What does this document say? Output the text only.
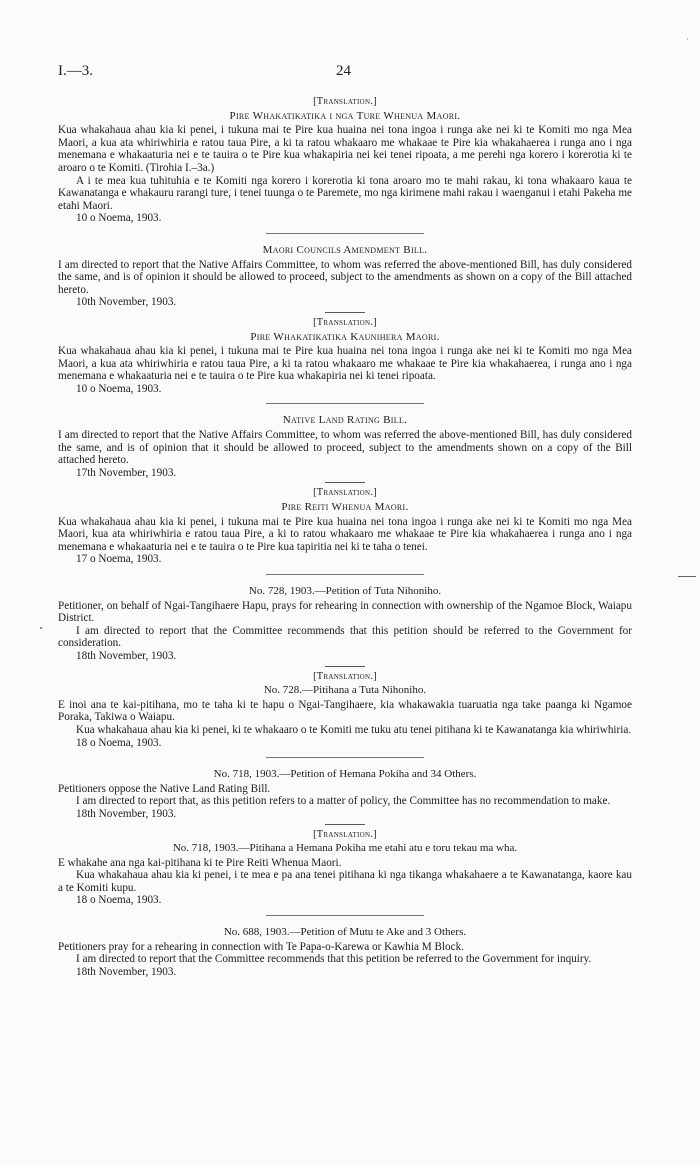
`
I.—3.	24
[Translation.]
Pire Whakatikatika i nga Ture Whenua Maori.

Kua whakahaua ahau kia ki penei, i tukuna mai te Pire kua huaina nei tona ingoa i runga ake nei ki te Komiti mo nga Mea Maori, a kua ata whiriwhiria e ratou taua Pire, a ki ta ratou whakaaro me whakaae te Pire kia whakahaerea i runga ano i nga menemana e whakaaturia nei e te tauira o te Pire kua whakapiria nei kei tenei ripoata, a me perehi nga korero i korerotia ki te aroaro o te Komiti. (Tirohia I.–3a.)

A i te mea kua tuhituhia e te Komiti nga korero i korerotia ki tona aroaro mo te mahi rakau, ki tona whakaaro kaua te Kawanatanga e whakauru rarangi ture, i tenei tuunga o te Paremete, mo nga kirimene mahi rakau i waenganui i etahi Pakeha me etahi Maori.

10 o Noema, 1903.

Maori Councils Amendment Bill.

I am directed to report that the Native Affairs Committee, to whom was referred the above-mentioned Bill, has duly considered the same, and is of opinion it should be allowed to proceed, subject to the amendments as shown on a copy of the Bill attached hereto.

10th November, 1903.

[Translation.]
Pire Whakatikatika Kaunihera Maori.

Kua whakahaua ahau kia ki penei, i tukuna mai te Pire kua huaina nei tona ingoa i runga ake nei ki te Komiti mo nga Mea Maori, a kua ata whiriwhiria e ratou taua Pire, a ki ta ratou whakaaro me whakaae te Pire kia whakahaerea, i runga ano i nga menemana e whakaaturia nei e te tauira o te Pire kua whakapiria nei ki tenei ripoata.

10 o Noema, 1903.

Native Land Rating Bill.

I am directed to report that the Native Affairs Committee, to whom was referred the above-mentioned Bill, has duly considered the same, and is of opinion that it should be allowed to proceed, subject to the amendments shown on a copy of the Bill attached hereto.

17th November, 1903.

[Translation.]
Pire Reiti Whenua Maori.

Kua whakahaua ahau kia ki penei, i tukuna mai te Pire kua huaina nei tona ingoa i runga ake nei ki te Komiti mo nga Mea Maori, kua ata whiriwhiria e ratou taua Pire, a ki to ratou whakaaro me whakaae te Pire kia whakahaerea i runga ano i nga menemana e whakaaturia nei e te tauira o te Pire kua tapiritia nei ki te taha o tenei.

17 o Noema, 1903.

No. 728, 1903.—Petition of Tuta Nihoniho.

Petitioner, on behalf of Ngai-Tangihaere Hapu, prays for rehearing in connection with ownership of the Ngamoe Block, Waiapu District.

I am directed to report that the Committee recommends that this petition should be referred to the Government for consideration.

18th November, 1903.

[Translation.]
No. 728.—Pitihana a Tuta Nihoniho.

E inoi ana te kai-pitihana, mo te taha ki te hapu o Ngai-Tangihaere, kia whakawakia tuaruatia nga take paanga ki Ngamoe Poraka, Takiwa o Waiapu.

Kua whakahaua ahau kia ki penei, ki te whakaaro o te Komiti me tuku atu tenei pitihana ki te Kawanatanga kia whiriwhiria.

18 o Noema, 1903.

No. 718, 1903.—Petition of Hemana Pokiha and 34 Others.

Petitioners oppose the Native Land Rating Bill.

I am directed to report that, as this petition refers to a matter of policy, the Committee has no recommendation to make.

18th November, 1903.

[Translation.]
No. 718, 1903.—Pitihana a Hemana Pokiha me etahi atu e toru tekau ma wha.

E whakahe ana nga kai-pitihana ki te Pire Reiti Whenua Maori.

Kua whakahaua ahau kia ki penei, i te mea e pa ana tenei pitihana ki nga tikanga whakahaere a te Kawanatanga, kaore kau a te Komiti kupu.

18 o Noema, 1903.

No. 688, 1903.—Petition of Mutu te Ake and 3 Others.

Petitioners pray for a rehearing in connection with Te Papa-o-Karewa or Kawhia M Block.

I am directed to report that the Committee recommends that this petition be referred to the Government for inquiry.

18th November, 1903.
